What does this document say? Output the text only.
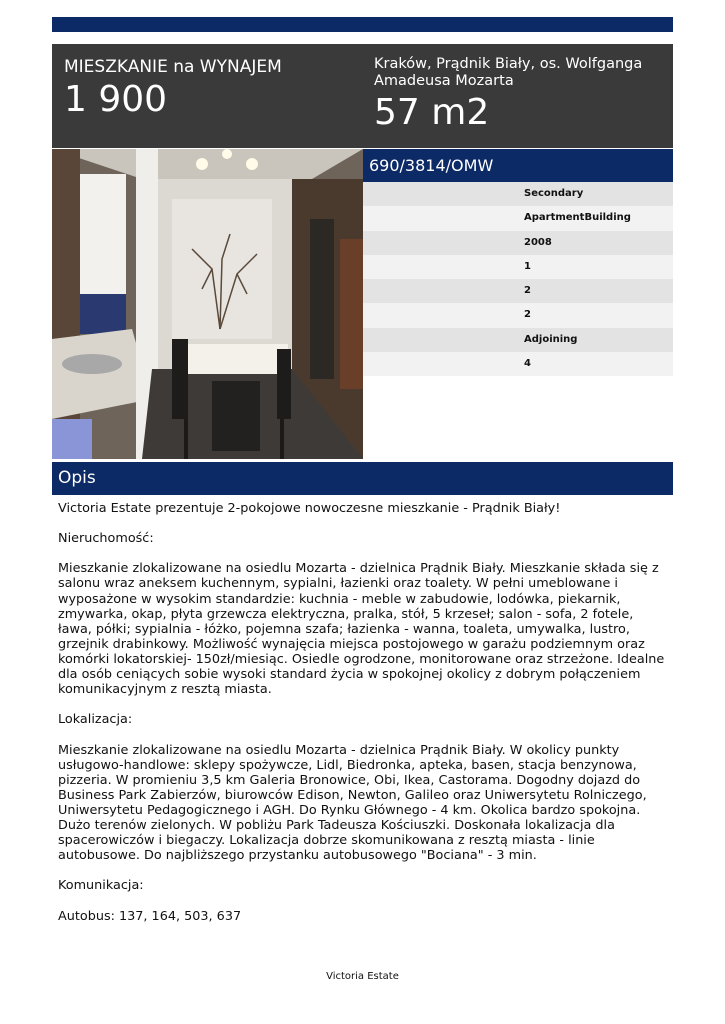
MIESZKANIE na WYNAJEM
1 900
Kraków, Prądnik Biały, os. Wolfganga Amadeusa Mozarta
57 m2
690/3814/OMW
Secondary
ApartmentBuilding
2008
1
2
2
Adjoining
4
Opis

Victoria Estate prezentuje 2-pokojowe nowoczesne mieszkanie - Prądnik Biały!

Nieruchomość:

Mieszkanie zlokalizowane na osiedlu Mozarta - dzielnica Prądnik Biały. Mieszkanie składa się z salonu wraz aneksem kuchennym, sypialni, łazienki oraz toalety. W pełni umeblowane i wyposażone w wysokim standardzie: kuchnia - meble w zabudowie, lodówka, piekarnik, zmywarka, okap, płyta grzewcza elektryczna, pralka, stół, 5 krzeseł; salon - sofa, 2 fotele, ława, półki; sypialnia - łóżko, pojemna szafa; łazienka - wanna, toaleta, umywalka, lustro, grzejnik drabinkowy. Możliwość wynajęcia miejsca postojowego w garażu podziemnym oraz komórki lokatorskiej- 150zł/miesiąc. Osiedle ogrodzone, monitorowane oraz strzeżone. Idealne dla osób ceniących sobie wysoki standard życia w spokojnej okolicy z dobrym połączeniem komunikacyjnym z resztą miasta.

Lokalizacja:

Mieszkanie zlokalizowane na osiedlu Mozarta - dzielnica Prądnik Biały. W okolicy punkty usługowo-handlowe: sklepy spożywcze, Lidl, Biedronka, apteka, basen, stacja benzynowa, pizzeria. W promieniu 3,5 km Galeria Bronowice, Obi, Ikea, Castorama. Dogodny dojazd do Business Park Zabierzów, biurowców Edison, Newton, Galileo oraz Uniwersytetu Rolniczego, Uniwersytetu Pedagogicznego i AGH. Do Rynku Głównego - 4 km. Okolica bardzo spokojna. Dużo terenów zielonych. W pobliżu Park Tadeusza Kościuszki. Doskonała lokalizacja dla spacerowiczów i biegaczy. Lokalizacja dobrze skomunikowana z resztą miasta - linie autobusowe. Do najbliższego przystanku autobusowego "Bociana" - 3 min.

Komunikacja:

Autobus: 137, 164, 503, 637

Victoria Estate
